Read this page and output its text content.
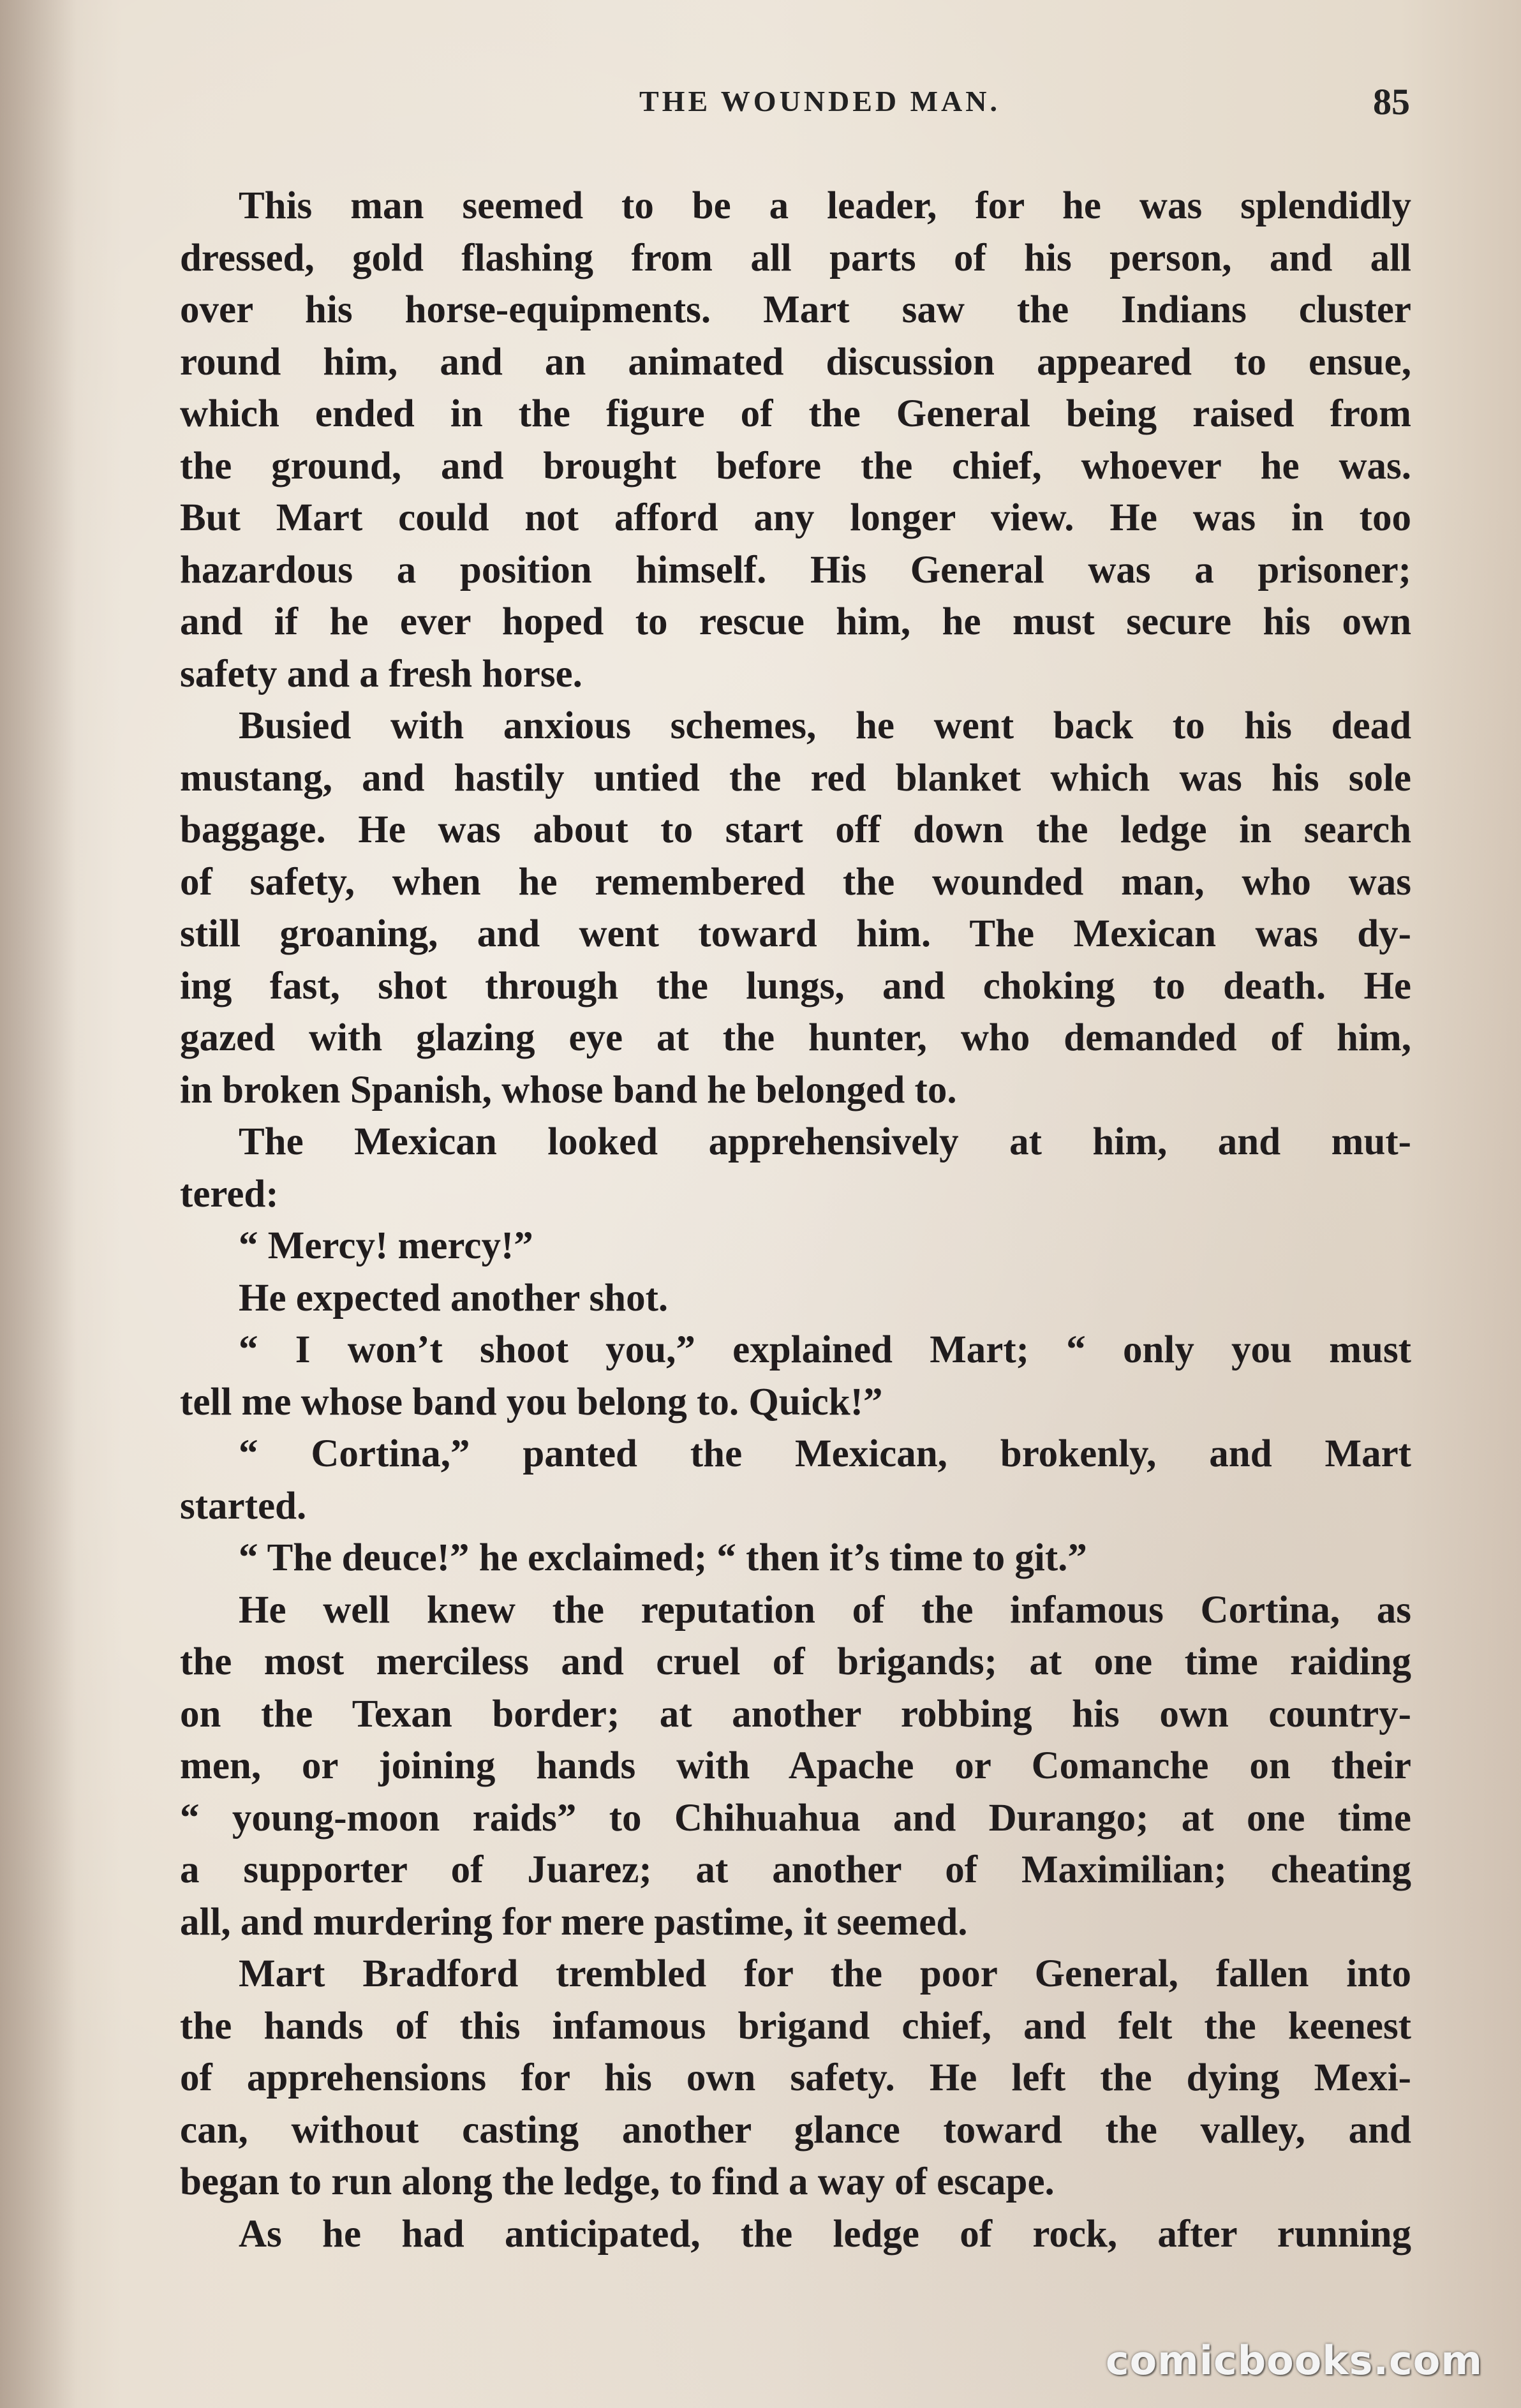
THE WOUNDED MAN.	85
This man seemed to be a leader, for he was splendidly
dressed, gold flashing from all parts of his person, and all
over his horse-equipments. Mart saw the Indians cluster
round him, and an animated discussion appeared to ensue,
which ended in the figure of the General being raised from
the ground, and brought before the chief, whoever he was.
But Mart could not afford any longer view. He was in too
hazardous a position himself. His General was a prisoner;
and if he ever hoped to rescue him, he must secure his own
safety and a fresh horse.
Busied with anxious schemes, he went back to his dead
mustang, and hastily untied the red blanket which was his sole
baggage. He was about to start off down the ledge in search
of safety, when he remembered the wounded man, who was
still groaning, and went toward him. The Mexican was dy-
ing fast, shot through the lungs, and choking to death. He
gazed with glazing eye at the hunter, who demanded of him,
in broken Spanish, whose band he belonged to.
The Mexican looked apprehensively at him, and mut-
tered:
“ Mercy! mercy!”
He expected another shot.
“ I won’t shoot you,” explained Mart; “ only you must
tell me whose band you belong to. Quick!”
“ Cortina,” panted the Mexican, brokenly, and Mart
started.
“ The deuce!” he exclaimed; “ then it’s time to git.”
He well knew the reputation of the infamous Cortina, as
the most merciless and cruel of brigands; at one time raiding
on the Texan border; at another robbing his own country-
men, or joining hands with Apache or Comanche on their
“ young-moon raids” to Chihuahua and Durango; at one time
a supporter of Juarez; at another of Maximilian; cheating
all, and murdering for mere pastime, it seemed.
Mart Bradford trembled for the poor General, fallen into
the hands of this infamous brigand chief, and felt the keenest
of apprehensions for his own safety. He left the dying Mexi-
can, without casting another glance toward the valley, and
began to run along the ledge, to find a way of escape.
As he had anticipated, the ledge of rock, after running
comicbooks.com
